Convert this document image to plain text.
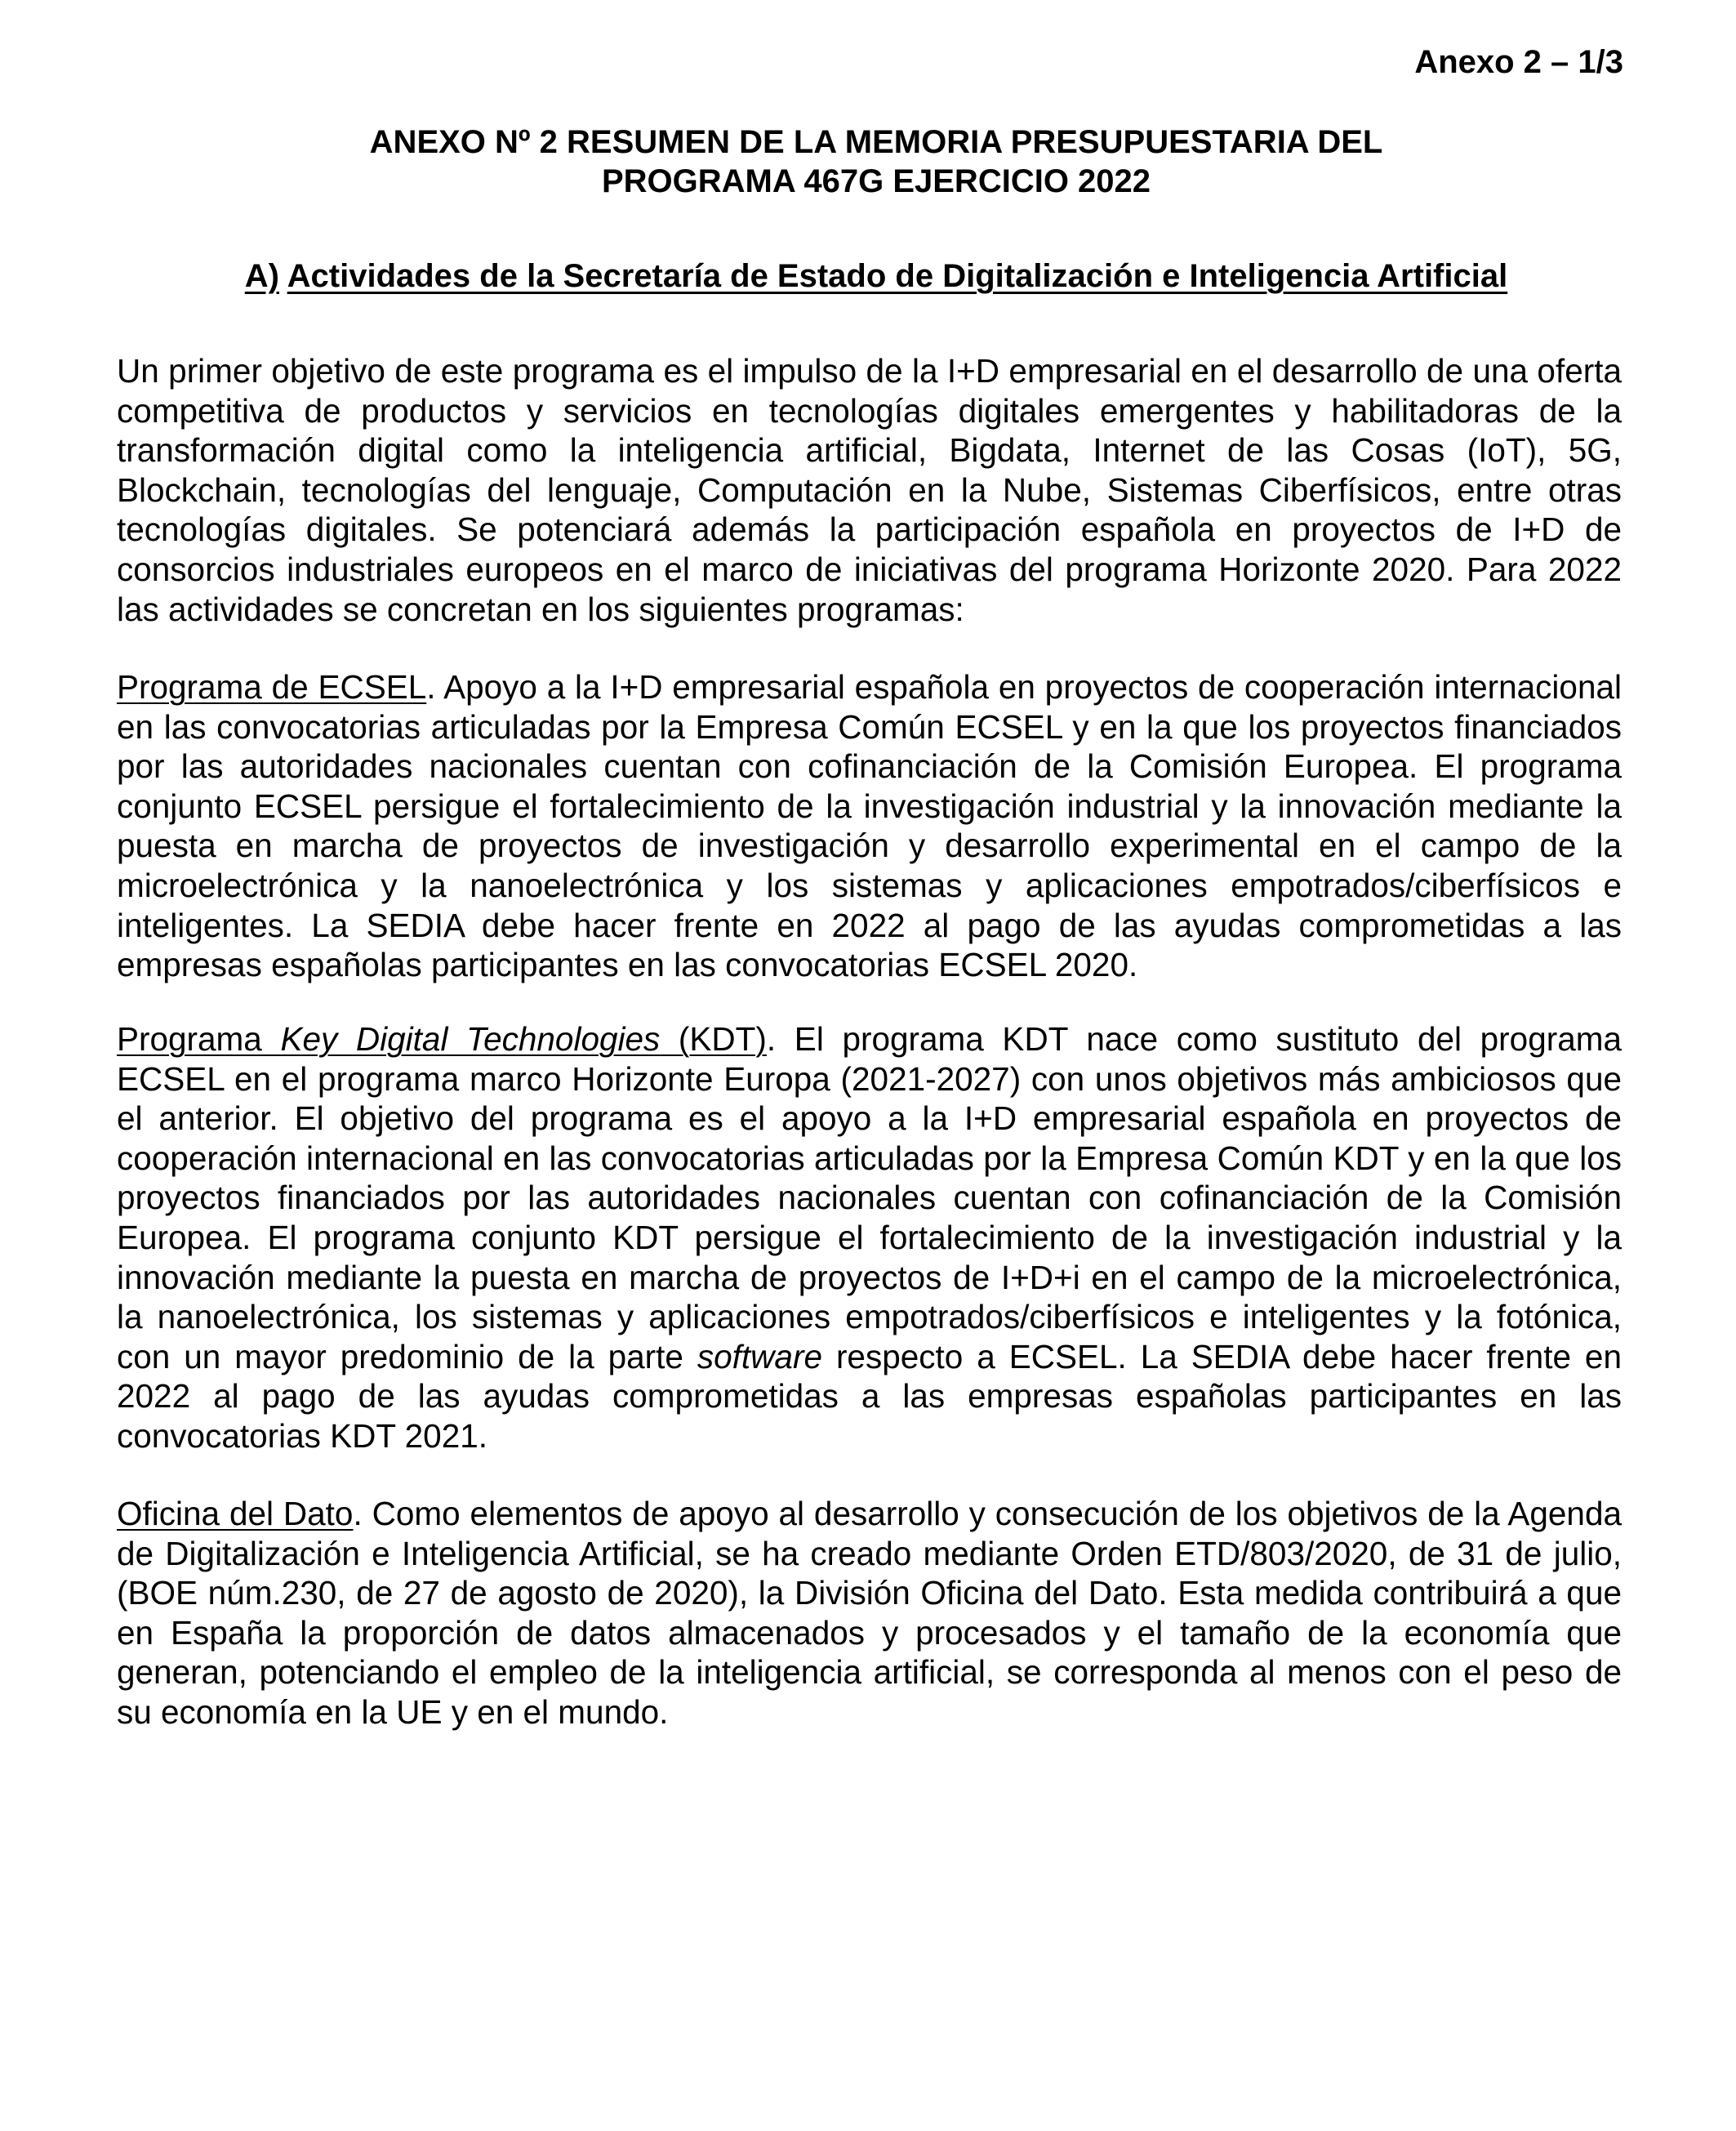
Anexo 2 – 1/3
ANEXO Nº 2 RESUMEN DE LA MEMORIA PRESUPUESTARIA DEL
PROGRAMA 467G EJERCICIO 2022
A) Actividades de la Secretaría de Estado de Digitalización e Inteligencia Artificial

Un primer objetivo de este programa es el impulso de la I+D empresarial en el desarrollo de una oferta competitiva de productos y servicios en tecnologías digitales emergentes y habilitadoras de la transformación digital como la inteligencia artificial, Bigdata, Internet de las Cosas (IoT), 5G, Blockchain, tecnologías del lenguaje, Computación en la Nube, Sistemas Ciberfísicos, entre otras tecnologías digitales. Se potenciará además la participación española en proyectos de I+D de consorcios industriales europeos en el marco de iniciativas del programa Horizonte 2020. Para 2022 las actividades se concretan en los siguientes programas:

Programa de ECSEL. Apoyo a la I+D empresarial española en proyectos de cooperación internacional en las convocatorias articuladas por la Empresa Común ECSEL y en la que los proyectos financiados por las autoridades nacionales cuentan con cofinanciación de la Comisión Europea. El programa conjunto ECSEL persigue el fortalecimiento de la investigación industrial y la innovación mediante la puesta en marcha de proyectos de investigación y desarrollo experimental en el campo de la microelectrónica y la nanoelectrónica y los sistemas y aplicaciones empotrados/ciberfísicos e inteligentes. La SEDIA debe hacer frente en 2022 al pago de las ayudas comprometidas a las empresas españolas participantes en las convocatorias ECSEL 2020.

Programa Key Digital Technologies (KDT). El programa KDT nace como sustituto del programa ECSEL en el programa marco Horizonte Europa (2021-2027) con unos objetivos más ambiciosos que el anterior. El objetivo del programa es el apoyo a la I+D empresarial española en proyectos de cooperación internacional en las convocatorias articuladas por la Empresa Común KDT y en la que los proyectos financiados por las autoridades nacionales cuentan con cofinanciación de la Comisión Europea. El programa conjunto KDT persigue el fortalecimiento de la investigación industrial y la innovación mediante la puesta en marcha de proyectos de I+D+i en el campo de la microelectrónica, la nanoelectrónica, los sistemas y aplicaciones empotrados/ciberfísicos e inteligentes y la fotónica, con un mayor predominio de la parte software respecto a ECSEL. La SEDIA debe hacer frente en 2022 al pago de las ayudas comprometidas a las empresas españolas participantes en las convocatorias KDT 2021.

Oficina del Dato. Como elementos de apoyo al desarrollo y consecución de los objetivos de la Agenda de Digitalización e Inteligencia Artificial, se ha creado mediante Orden ETD/803/2020, de 31 de julio, (BOE núm.230, de 27 de agosto de 2020), la División Oficina del Dato. Esta medida contribuirá a que en España la proporción de datos almacenados y procesados y el tamaño de la economía que generan, potenciando el empleo de la inteligencia artificial, se corresponda al menos con el peso de su economía en la UE y en el mundo.
